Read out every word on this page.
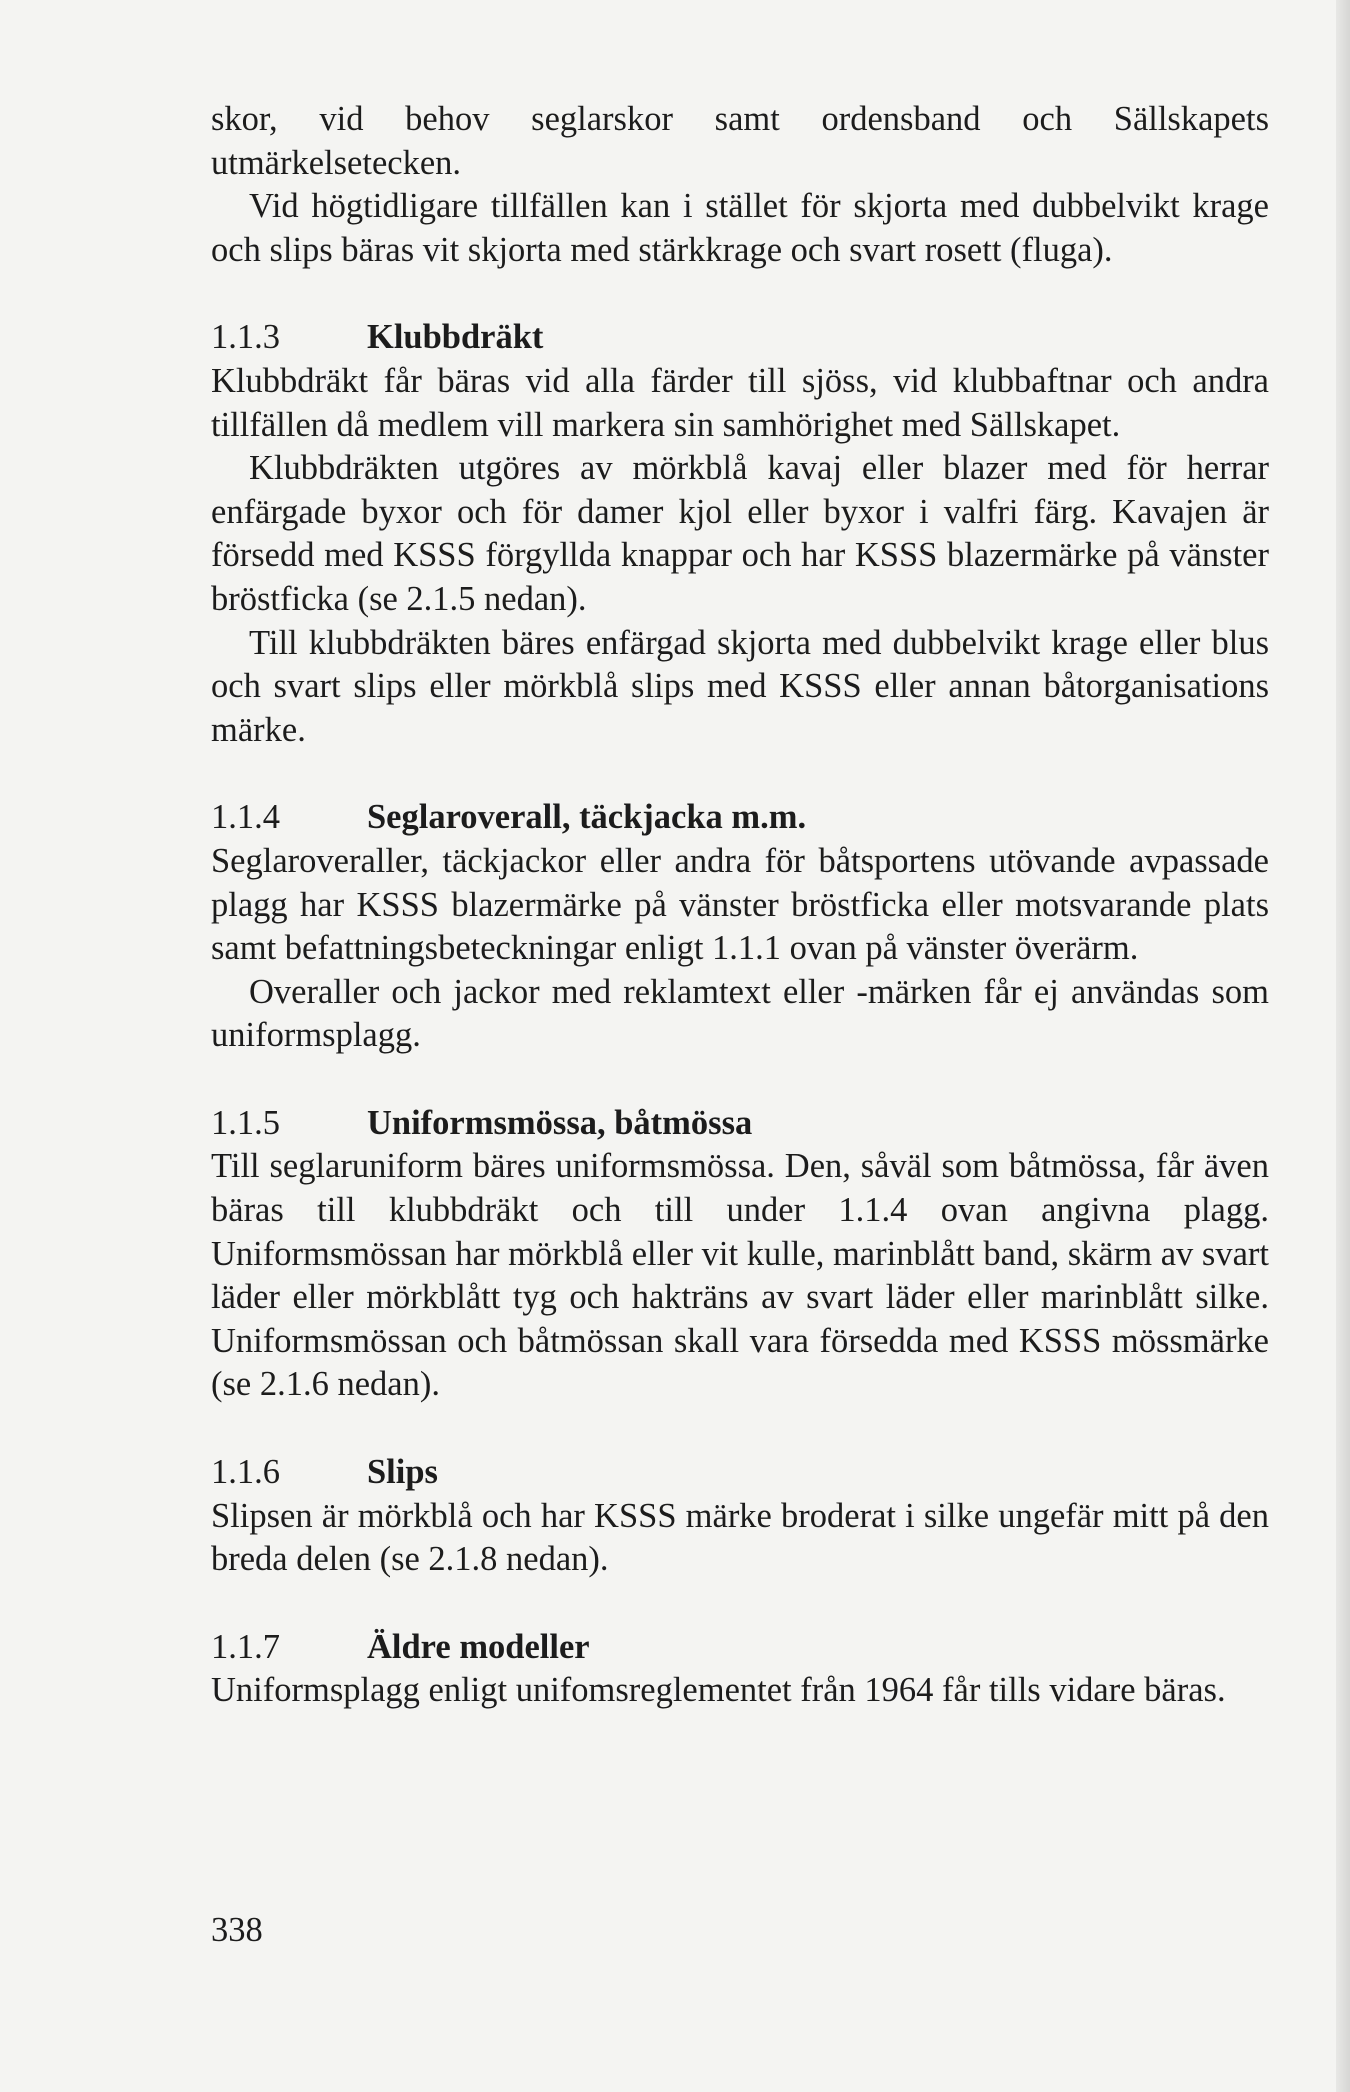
skor, vid behov seglarskor samt ordensband och Sällskapets utmärkelsetecken.

Vid högtidligare tillfällen kan i stället för skjorta med dubbelvikt krage och slips bäras vit skjorta med stärkkrage och svart rosett (fluga).

1.1.3	Klubbdräkt

Klubbdräkt får bäras vid alla färder till sjöss, vid klubbaftnar och andra tillfällen då medlem vill markera sin samhörighet med Sällskapet.

Klubbdräkten utgöres av mörkblå kavaj eller blazer med för herrar enfärgade byxor och för damer kjol eller byxor i valfri färg. Kavajen är försedd med KSSS förgyllda knappar och har KSSS blazermärke på vänster bröstficka (se 2.1.5 nedan).

Till klubbdräkten bäres enfärgad skjorta med dubbelvikt krage eller blus och svart slips eller mörkblå slips med KSSS eller annan båtorganisations märke.

1.1.4	Seglaroverall, täckjacka m.m.

Seglaroveraller, täckjackor eller andra för båtsportens utövande avpassade plagg har KSSS blazermärke på vänster bröstficka eller motsvarande plats samt befattningsbeteckningar enligt 1.1.1 ovan på vänster överärm.

Overaller och jackor med reklamtext eller -märken får ej användas som uniformsplagg.

1.1.5	Uniformsmössa, båtmössa

Till seglaruniform bäres uniformsmössa. Den, såväl som båtmössa, får även bäras till klubbdräkt och till under 1.1.4 ovan angivna plagg. Uniformsmössan har mörkblå eller vit kulle, marinblått band, skärm av svart läder eller mörkblått tyg och hakträns av svart läder eller marinblått silke. Uniformsmössan och båtmössan skall vara försedda med KSSS mössmärke (se 2.1.6 nedan).

1.1.6	Slips

Slipsen är mörkblå och har KSSS märke broderat i silke ungefär mitt på den breda delen (se 2.1.8 nedan).

1.1.7	Äldre modeller

Uniformsplagg enligt unifomsreglementet från 1964 får tills vidare bäras.

338
